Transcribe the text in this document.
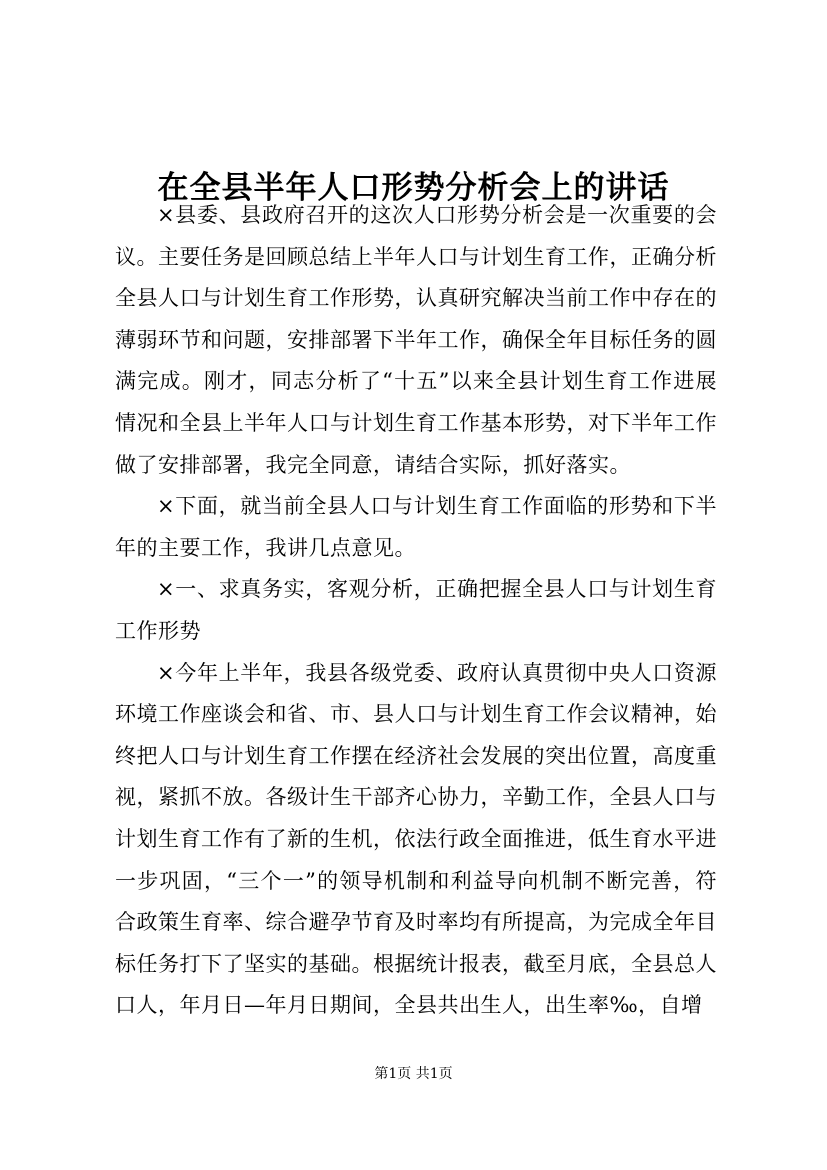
在全县半年人口形势分析会上的讲话

×县委、县政府召开的这次人口形势分析会是一次重要的会议。主要任务是回顾总结上半年人口与计划生育工作，正确分析全县人口与计划生育工作形势，认真研究解决当前工作中存在的薄弱环节和问题，安排部署下半年工作，确保全年目标任务的圆满完成。刚才，同志分析了“十五”以来全县计划生育工作进展情况和全县上半年人口与计划生育工作基本形势，对下半年工作做了安排部署，我完全同意，请结合实际，抓好落实。

×下面，就当前全县人口与计划生育工作面临的形势和下半年的主要工作，我讲几点意见。

×一、求真务实，客观分析，正确把握全县人口与计划生育工作形势

×今年上半年，我县各级党委、政府认真贯彻中央人口资源环境工作座谈会和省、市、县人口与计划生育工作会议精神，始终把人口与计划生育工作摆在经济社会发展的突出位置，高度重视，紧抓不放。各级计生干部齐心协力，辛勤工作，全县人口与计划生育工作有了新的生机，依法行政全面推进，低生育水平进一步巩固，“三个一”的领导机制和利益导向机制不断完善，符合政策生育率、综合避孕节育及时率均有所提高，为完成全年目标任务打下了坚实的基础。根据统计报表，截至月底，全县总人口人，年月日—年月日期间，全县共出生人，出生率‰，自增

第1页 共1页
